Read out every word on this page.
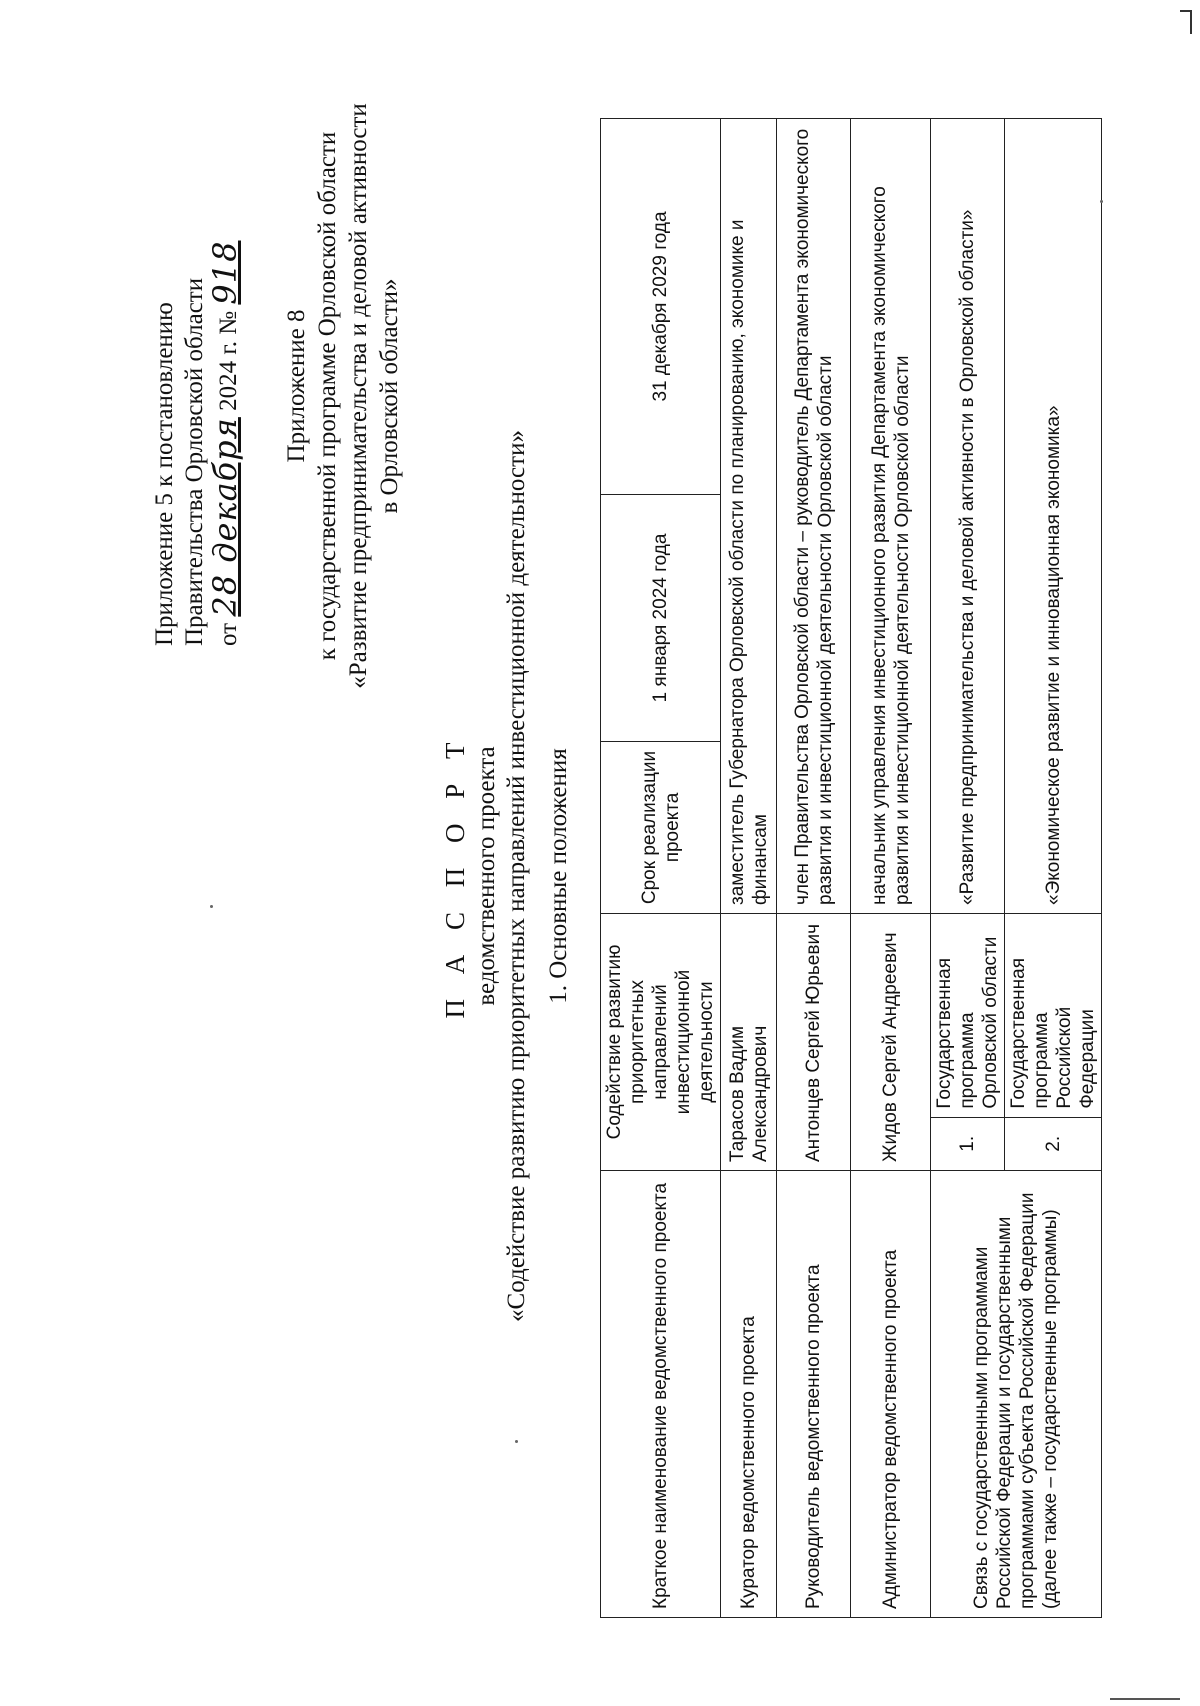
Приложение 5 к постановлению Правительства Орловской области от 28 декабря 2024 г. № 918
Приложение 8 к государственной программе Орловской области «Развитие предпринимательства и деловой активности в Орловской области»
П А С П О Р Т ведомственного проекта «Содействие развитию приоритетных направлений инвестиционной деятельности» 1. Основные положения
Краткое наименование ведомственного проекта	Содействие развитию приоритетных направлений инвестиционной деятельности		Срок реализации проекта	1 января 2024 года	31 декабря 2029 года
Куратор ведомственного проекта	Тарасов Вадим Александрович		заместитель Губернатора Орловской области по планированию, экономике и финансам		
Руководитель ведомственного проекта	Антонцев Сергей Юрьевич		член Правительства Орловской области – руководитель Департамента экономического развития и инвестиционной деятельности Орловской области		
Администратор ведомственного проекта	Жидов Сергей Андреевич		начальник управления инвестиционного развития Департамента экономического развития и инвестиционной деятельности Орловской области		
Связь с государственными программами Российской Федерации и государственными программами субъекта Российской Федерации (далее также – государственные программы)	1.	Государственная программа Орловской области	«Развитие предпринимательства и деловой активности в Орловской области»		
	2.	Государственная программа Российской Федерации	«Экономическое развитие и инновационная экономика»		
